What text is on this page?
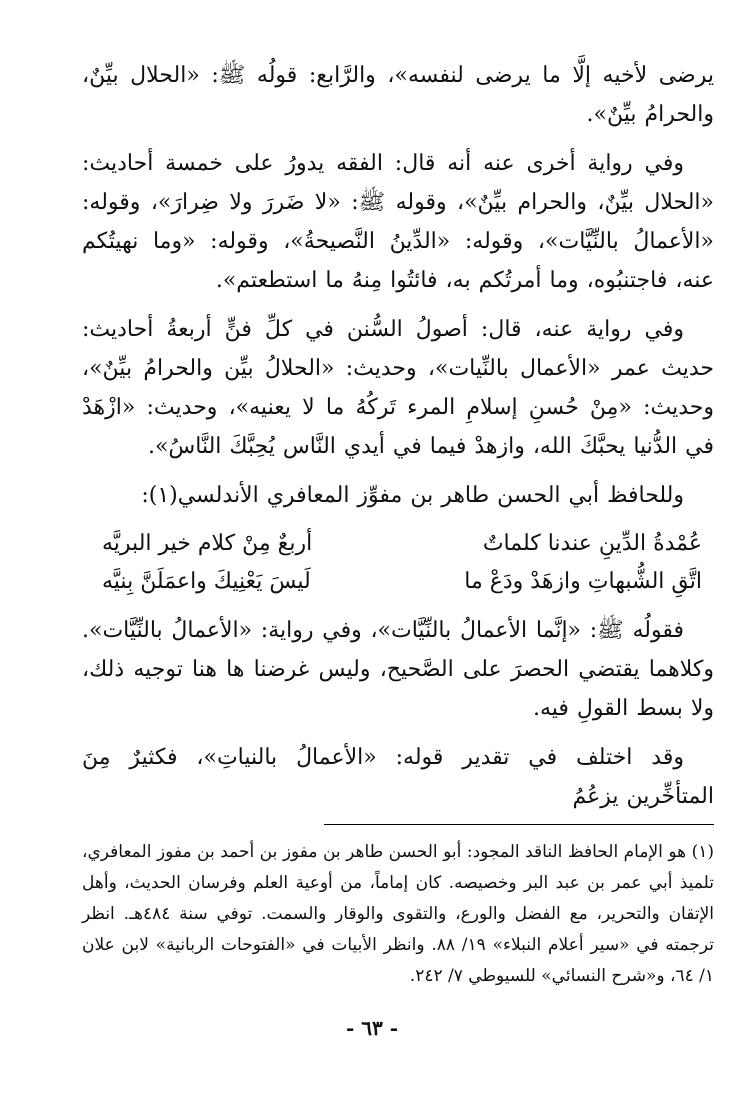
يرضى لأخيه إلَّا ما يرضى لنفسه»، والرَّابع: قولُه ﷺ: «الحلال بيِّنٌ، والحرامُ بيِّنٌ».

وفي رواية أخرى عنه أنه قال: الفقه يدورُ على خمسة أحاديث: «الحلال بيِّنٌ، والحرام بيِّنٌ»، وقوله ﷺ: «لا ضَررَ ولا ضِرارَ»، وقوله: «الأعمالُ بالنِّيَّات»، وقوله: «الدِّينُ النَّصيحةُ»، وقوله: «وما نهيتُكم عنه، فاجتنبُوه، وما أمرتُكم به، فائتُوا مِنهُ ما استطعتم».

وفي رواية عنه، قال: أصولُ السُّنن في كلِّ فنٍّ أربعةُ أحاديث: حديث عمر «الأعمال بالنِّيات»، وحديث: «الحلالُ بيِّن والحرامُ بيِّنٌ»، وحديث: «مِنْ حُسنِ إسلامِ المرء تَركُهُ ما لا يعنيه»، وحديث: «ازْهَدْ في الدُّنيا يحبَّكَ الله، وازهدْ فيما في أيدي النَّاس يُحِبَّكَ النَّاسُ».

وللحافظ أبي الحسن طاهر بن مفوِّز المعافري الأندلسي(١):

عُمْدةُ الدِّينِ عندنا كلماتٌ
أربعٌ مِنْ كلام خير البريَّه
اتَّقِ الشُّبهاتِ وازهَدْ ودَعْ ما
لَيسَ يَعْنِيكَ واعمَلَنَّ بِنيَّه

فقولُه ﷺ: «إنَّما الأعمالُ بالنِّيَّات»، وفي رواية: «الأعمالُ بالنِّيَّات». وكلاهما يقتضي الحصرَ على الصَّحيح، وليس غرضنا ها هنا توجيه ذلك، ولا بسط القولِ فيه.

وقد اختلف في تقدير قوله: «الأعمالُ بالنياتِ»، فكثيرٌ مِنَ المتأخِّرين يزعُمُ

(١) هو الإمام الحافظ الناقد المجود: أبو الحسن طاهر بن مفوز بن أحمد بن مفوز المعافري، تلميذ أبي عمر بن عبد البر وخصيصه. كان إماماً، من أوعية العلم وفرسان الحديث، وأهل الإتقان والتحرير، مع الفضل والورع، والتقوى والوقار والسمت. توفي سنة ٤٨٤هـ. انظر ترجمته في «سير أعلام النبلاء» ١٩/ ٨٨. وانظر الأبيات في «الفتوحات الربانية» لابن علان ١/ ٦٤، و«شرح النسائي» للسيوطي ٧/ ٢٤٢.

- ٦٣ -
